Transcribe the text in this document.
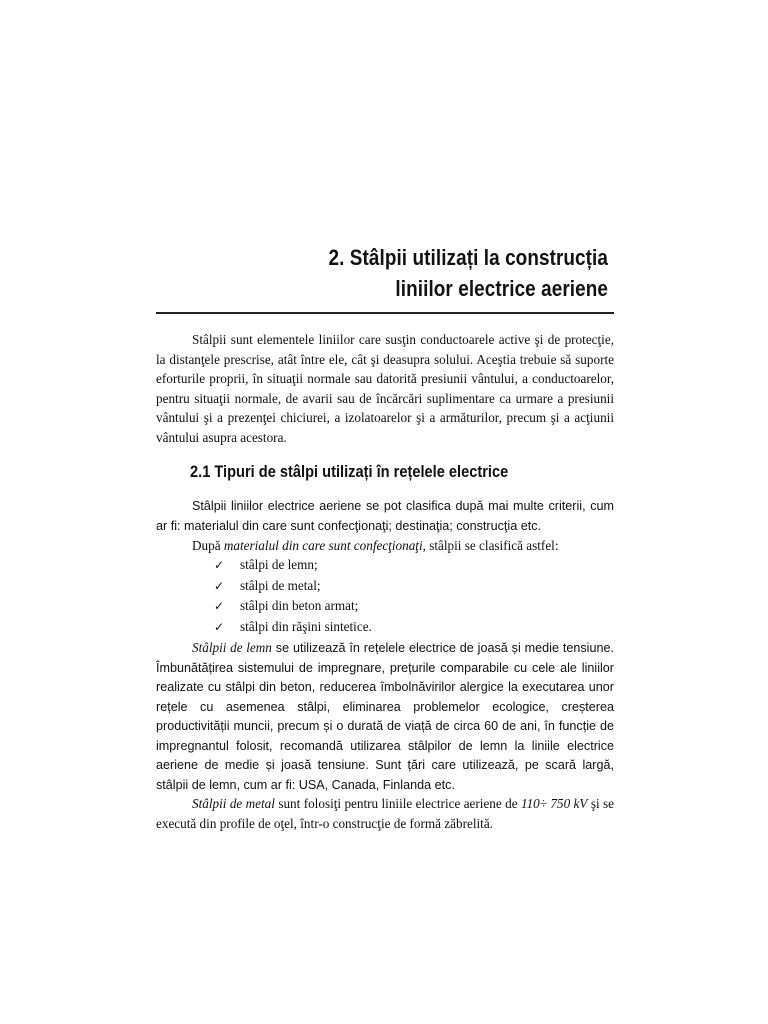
2. Stâlpii utilizați la construcția
liniilor electrice aeriene

Stâlpii sunt elementele liniilor care susţin conductoarele active şi de protecţie, la distanţele prescrise, atât între ele, cât şi deasupra solului. Aceştia trebuie să suporte eforturile proprii, în situaţii normale sau datorită presiunii vântului, a conductoarelor, pentru situaţii normale, de avarii sau de încărcări suplimentare ca urmare a presiunii vântului şi a prezenţei chiciurei, a izolatoarelor şi a armăturilor, precum şi a acţiunii vântului asupra acestora.

2.1 Tipuri de stâlpi utilizați în rețelele electrice

Stâlpii liniilor electrice aeriene se pot clasifica după mai multe criterii, cum ar fi: materialul din care sunt confecţionaţi; destinaţia; construcţia etc.

După materialul din care sunt confecţionaţi, stâlpii se clasifică astfel:
✓ stâlpi de lemn;
✓ stâlpi de metal;
✓ stâlpi din beton armat;
✓ stâlpi din răşini sintetice.

Stâlpii de lemn se utilizează în rețelele electrice de joasă și medie tensiune. Îmbunătățirea sistemului de impregnare, prețurile comparabile cu cele ale liniilor realizate cu stâlpi din beton, reducerea îmbolnăvirilor alergice la executarea unor rețele cu asemenea stâlpi, eliminarea problemelor ecologice, creșterea productivității muncii, precum și o durată de viață de circa 60 de ani, în funcție de impregnantul folosit, recomandă utilizarea stâlpilor de lemn la liniile electrice aeriene de medie și joasă tensiune. Sunt țări care utilizează, pe scară largă, stâlpii de lemn, cum ar fi: USA, Canada, Finlanda etc.

Stâlpii de metal sunt folosiţi pentru liniile electrice aeriene de 110÷ 750 kV şi se execută din profile de oţel, într-o construcţie de formă zăbrelită.
